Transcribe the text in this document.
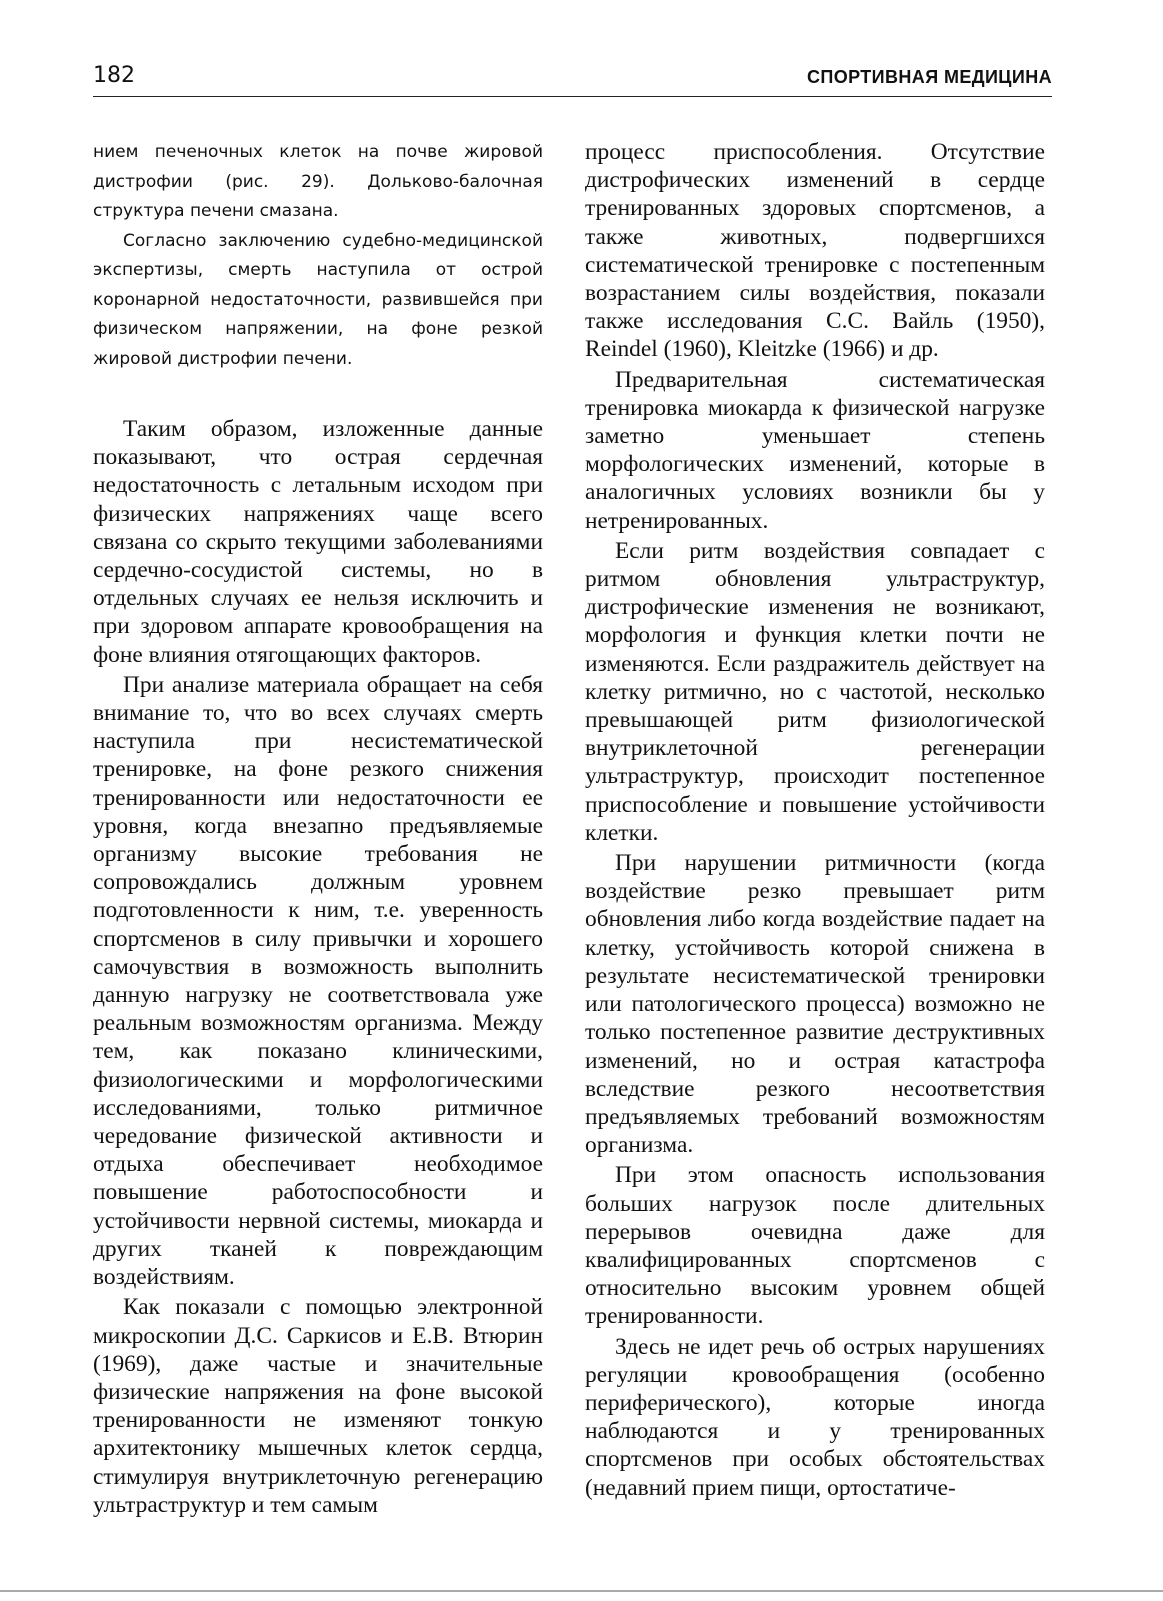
182	СПОРТИВНАЯ МЕДИЦИНА

нием печеночных клеток на почве жировой дистрофии (рис. 29). Дольково-балочная структура печени смазана.

Согласно заключению судебно-медицинской экспертизы, смерть наступила от острой коронарной недостаточности, развившейся при физическом напряжении, на фоне резкой жировой дистрофии печени.

Таким образом, изложенные данные показывают, что острая сердечная недостаточность с летальным исходом при физических напряжениях чаще всего связана со скрыто текущими заболеваниями сердечно-сосудистой системы, но в отдельных случаях ее нельзя исключить и при здоровом аппарате кровообращения на фоне влияния отягощающих факторов.

При анализе материала обращает на себя внимание то, что во всех случаях смерть наступила при несистематической тренировке, на фоне резкого снижения тренированности или недостаточности ее уровня, когда внезапно предъявляемые организму высокие требования не сопровождались должным уровнем подготовленности к ним, т.е. уверенность спортсменов в силу привычки и хорошего самочувствия в возможность выполнить данную нагрузку не соответствовала уже реальным возможностям организма. Между тем, как показано клиническими, физиологическими и морфологическими исследованиями, только ритмичное чередование физической активности и отдыха обеспечивает необходимое повышение работоспособности и устойчивости нервной системы, миокарда и других тканей к повреждающим воздействиям.

Как показали с помощью электронной микроскопии Д.С. Саркисов и Е.В. Втюрин (1969), даже частые и значительные физические напряжения на фоне высокой тренированности не изменяют тонкую архитектонику мышечных клеток сердца, стимулируя внутриклеточную регенерацию ультраструктур и тем самым

процесс приспособления. Отсутствие дистрофических изменений в сердце тренированных здоровых спортсменов, а также животных, подвергшихся систематической тренировке с постепенным возрастанием силы воздействия, показали также исследования С.С. Вайль (1950), Reindel (1960), Kleitzke (1966) и др.

Предварительная систематическая тренировка миокарда к физической нагрузке заметно уменьшает степень морфологических изменений, которые в аналогичных условиях возникли бы у нетренированных.

Если ритм воздействия совпадает с ритмом обновления ультраструктур, дистрофические изменения не возникают, морфология и функция клетки почти не изменяются. Если раздражитель действует на клетку ритмично, но с частотой, несколько превышающей ритм физиологической внутриклеточной регенерации ультраструктур, происходит постепенное приспособление и повышение устойчивости клетки.

При нарушении ритмичности (когда воздействие резко превышает ритм обновления либо когда воздействие падает на клетку, устойчивость которой снижена в результате несистематической тренировки или патологического процесса) возможно не только постепенное развитие деструктивных изменений, но и острая катастрофа вследствие резкого несоответствия предъявляемых требований возможностям организма.

При этом опасность использования больших нагрузок после длительных перерывов очевидна даже для квалифицированных спортсменов с относительно высоким уровнем общей тренированности.

Здесь не идет речь об острых нарушениях регуляции кровообращения (особенно периферического), которые иногда наблюдаются и у тренированных спортсменов при особых обстоятельствах (недавний прием пищи, ортостатиче-
